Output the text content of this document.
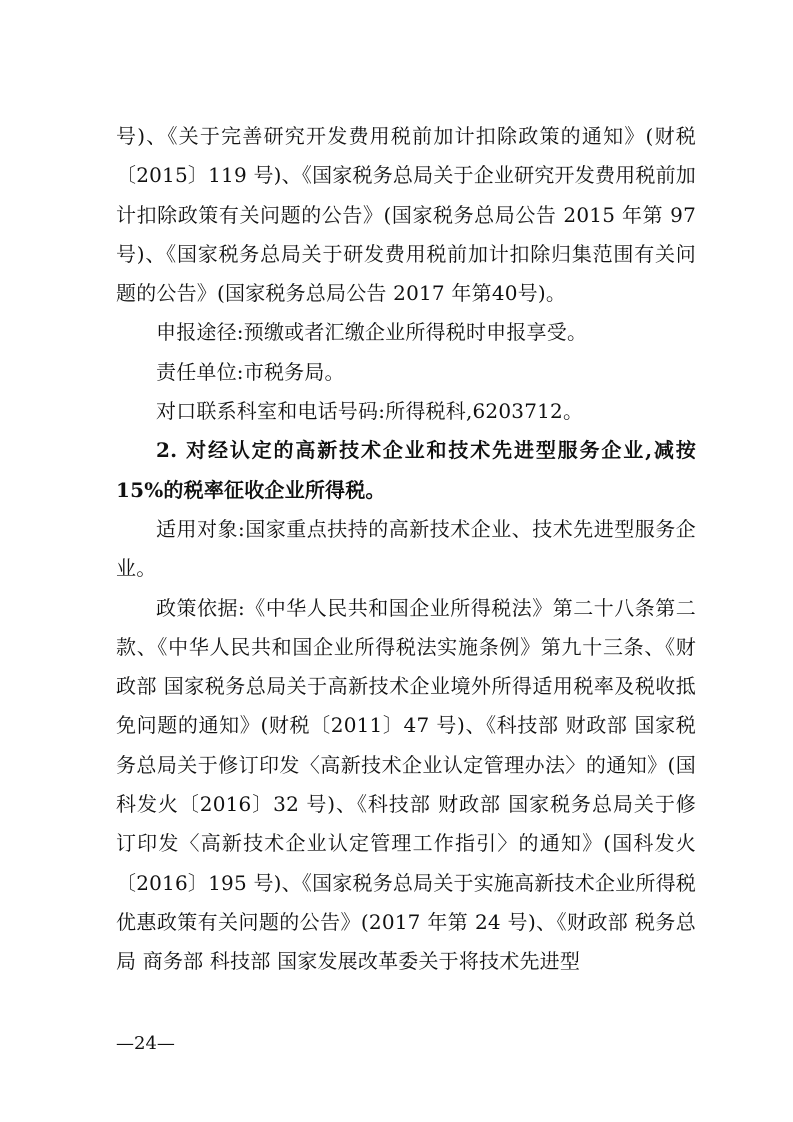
号)、《关于完善研究开发费用税前加计扣除政策的通知》(财税〔2015〕119 号)、《国家税务总局关于企业研究开发费用税前加计扣除政策有关问题的公告》(国家税务总局公告 2015 年第 97 号)、《国家税务总局关于研发费用税前加计扣除归集范围有关问题的公告》(国家税务总局公告 2017 年第40号)。

申报途径:预缴或者汇缴企业所得税时申报享受。

责任单位:市税务局。

对口联系科室和电话号码:所得税科,6203712。

2. 对经认定的高新技术企业和技术先进型服务企业,减按15%的税率征收企业所得税。

适用对象:国家重点扶持的高新技术企业、技术先进型服务企业。

政策依据:《中华人民共和国企业所得税法》第二十八条第二款、《中华人民共和国企业所得税法实施条例》第九十三条、《财政部 国家税务总局关于高新技术企业境外所得适用税率及税收抵免问题的通知》(财税〔2011〕47 号)、《科技部 财政部 国家税务总局关于修订印发〈高新技术企业认定管理办法〉的通知》(国科发火〔2016〕32 号)、《科技部 财政部 国家税务总局关于修订印发〈高新技术企业认定管理工作指引〉的通知》(国科发火〔2016〕195 号)、《国家税务总局关于实施高新技术企业所得税优惠政策有关问题的公告》(2017 年第 24 号)、《财政部 税务总局 商务部 科技部 国家发展改革委关于将技术先进型

—24—
